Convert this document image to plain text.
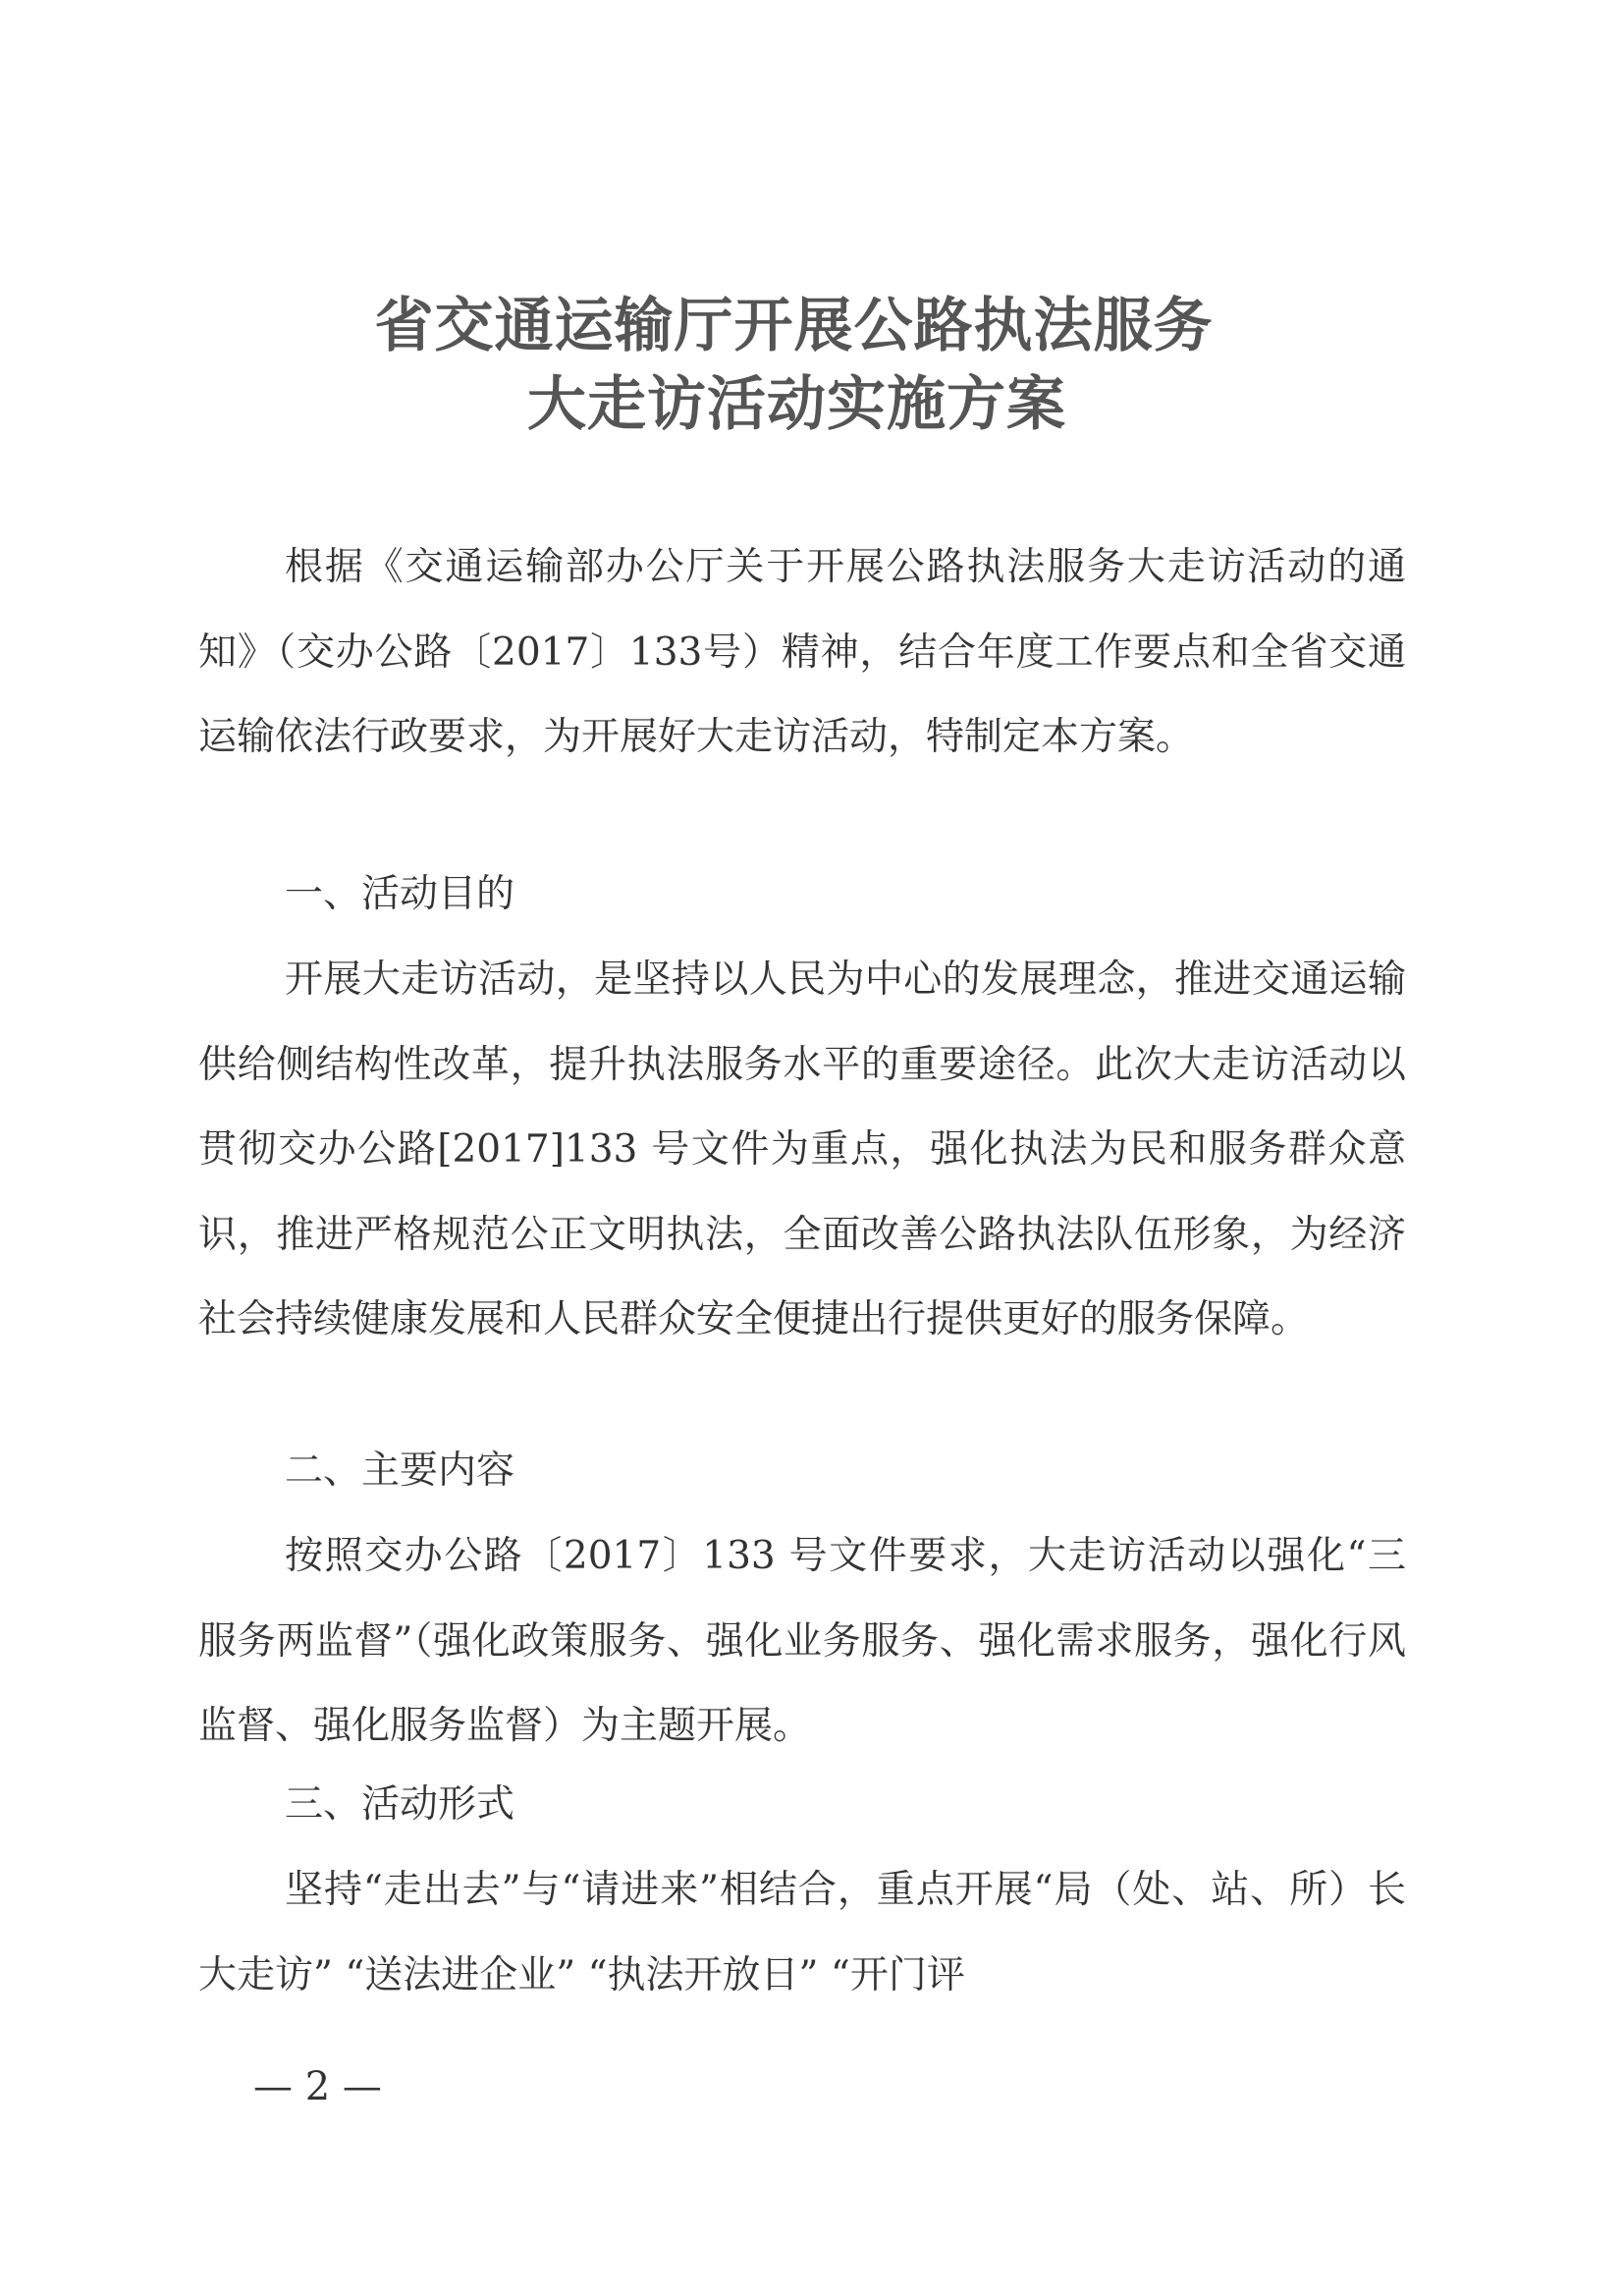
省交通运输厅开展公路执法服务
大走访活动实施方案

根据《交通运输部办公厅关于开展公路执法服务大走访活动的通知》（交办公路〔2017〕133号）精神，结合年度工作要点和全省交通运输依法行政要求，为开展好大走访活动，特制定本方案。

一、活动目的

开展大走访活动，是坚持以人民为中心的发展理念，推进交通运输供给侧结构性改革，提升执法服务水平的重要途径。此次大走访活动以贯彻交办公路[2017]133 号文件为重点，强化执法为民和服务群众意识，推进严格规范公正文明执法，全面改善公路执法队伍形象，为经济社会持续健康发展和人民群众安全便捷出行提供更好的服务保障。

二、主要内容

按照交办公路〔2017〕133 号文件要求，大走访活动以强化“三服务两监督”（强化政策服务、强化业务服务、强化需求服务，强化行风监督、强化服务监督）为主题开展。

三、活动形式

坚持“走出去”与“请进来”相结合，重点开展“局（处、站、所）长大走访” “送法进企业” “执法开放日” “开门评

— 2 —
